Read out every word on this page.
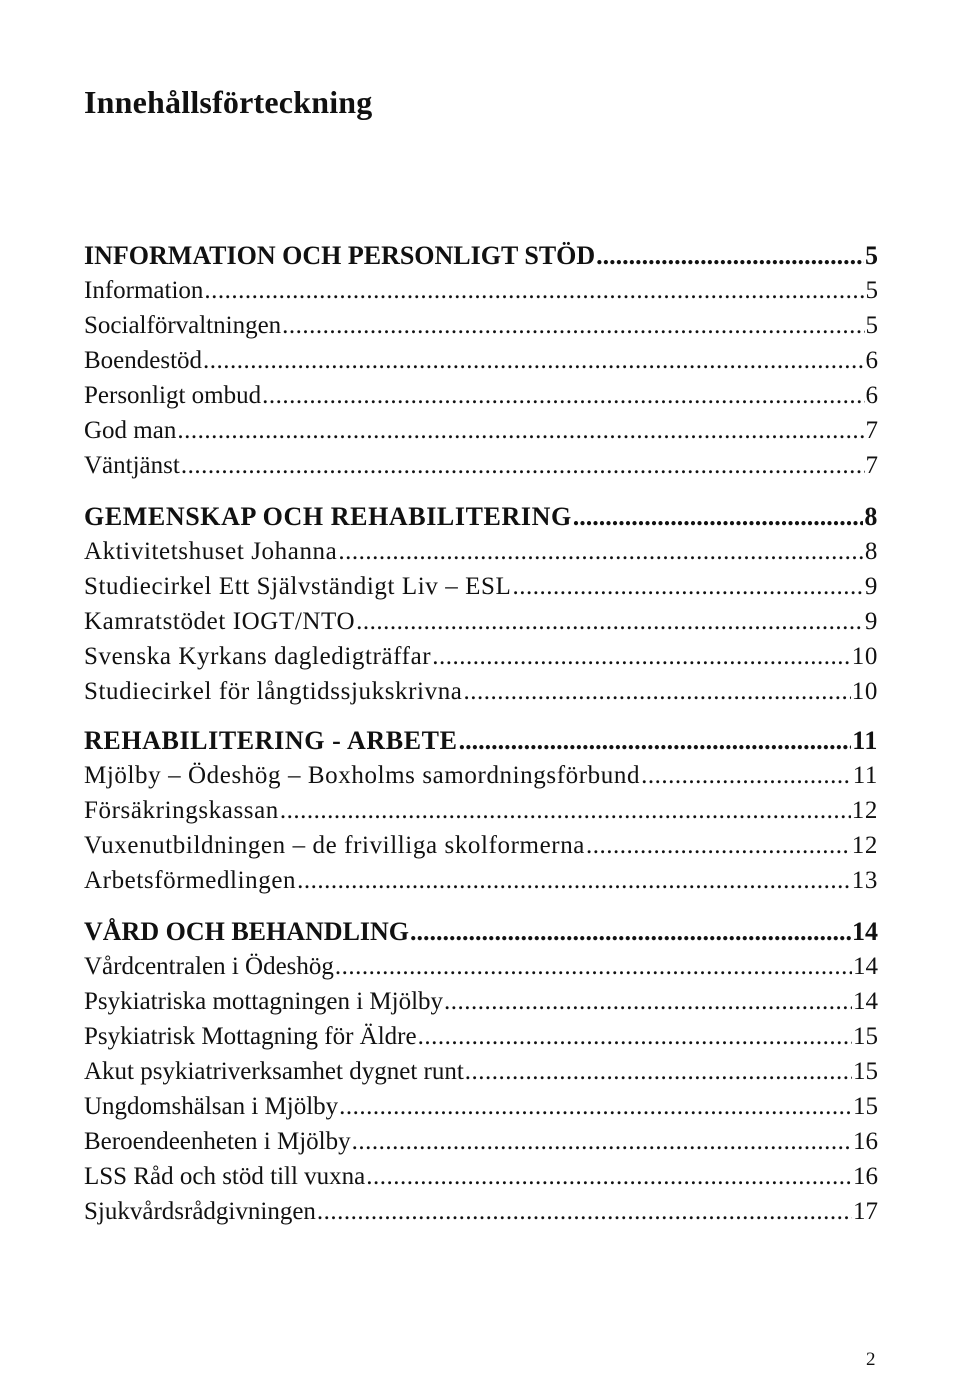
Innehållsförteckning
INFORMATION OCH PERSONLIGT STÖD .....	5
Information .....	5
Socialförvaltningen .....	5
Boendestöd .....	6
Personligt ombud .....	6
God man .....	7
Väntjänst .....	7
GEMENSKAP OCH REHABILITERING .....	8
Aktivitetshuset Johanna .....	8
Studiecirkel Ett Självständigt Liv – ESL .....	9
Kamratstödet IOGT/NTO .....	9
Svenska Kyrkans dagledigträffar .....	10
Studiecirkel för långtidssjukskrivna .....	10
REHABILITERING - ARBETE .....	11
Mjölby – Ödeshög – Boxholms samordningsförbund .....	11
Försäkringskassan .....	12
Vuxenutbildningen – de frivilliga skolformerna .....	12
Arbetsförmedlingen .....	13
VÅRD OCH BEHANDLING .....	14
Vårdcentralen i Ödeshög .....	14
Psykiatriska mottagningen i Mjölby .....	14
Psykiatrisk Mottagning för Äldre .....	15
Akut psykiatriverksamhet dygnet runt .....	15
Ungdomshälsan i Mjölby .....	15
Beroendeenheten i Mjölby .....	16
LSS Råd och stöd till vuxna .....	16
Sjukvårdsrådgivningen .....	17
2
